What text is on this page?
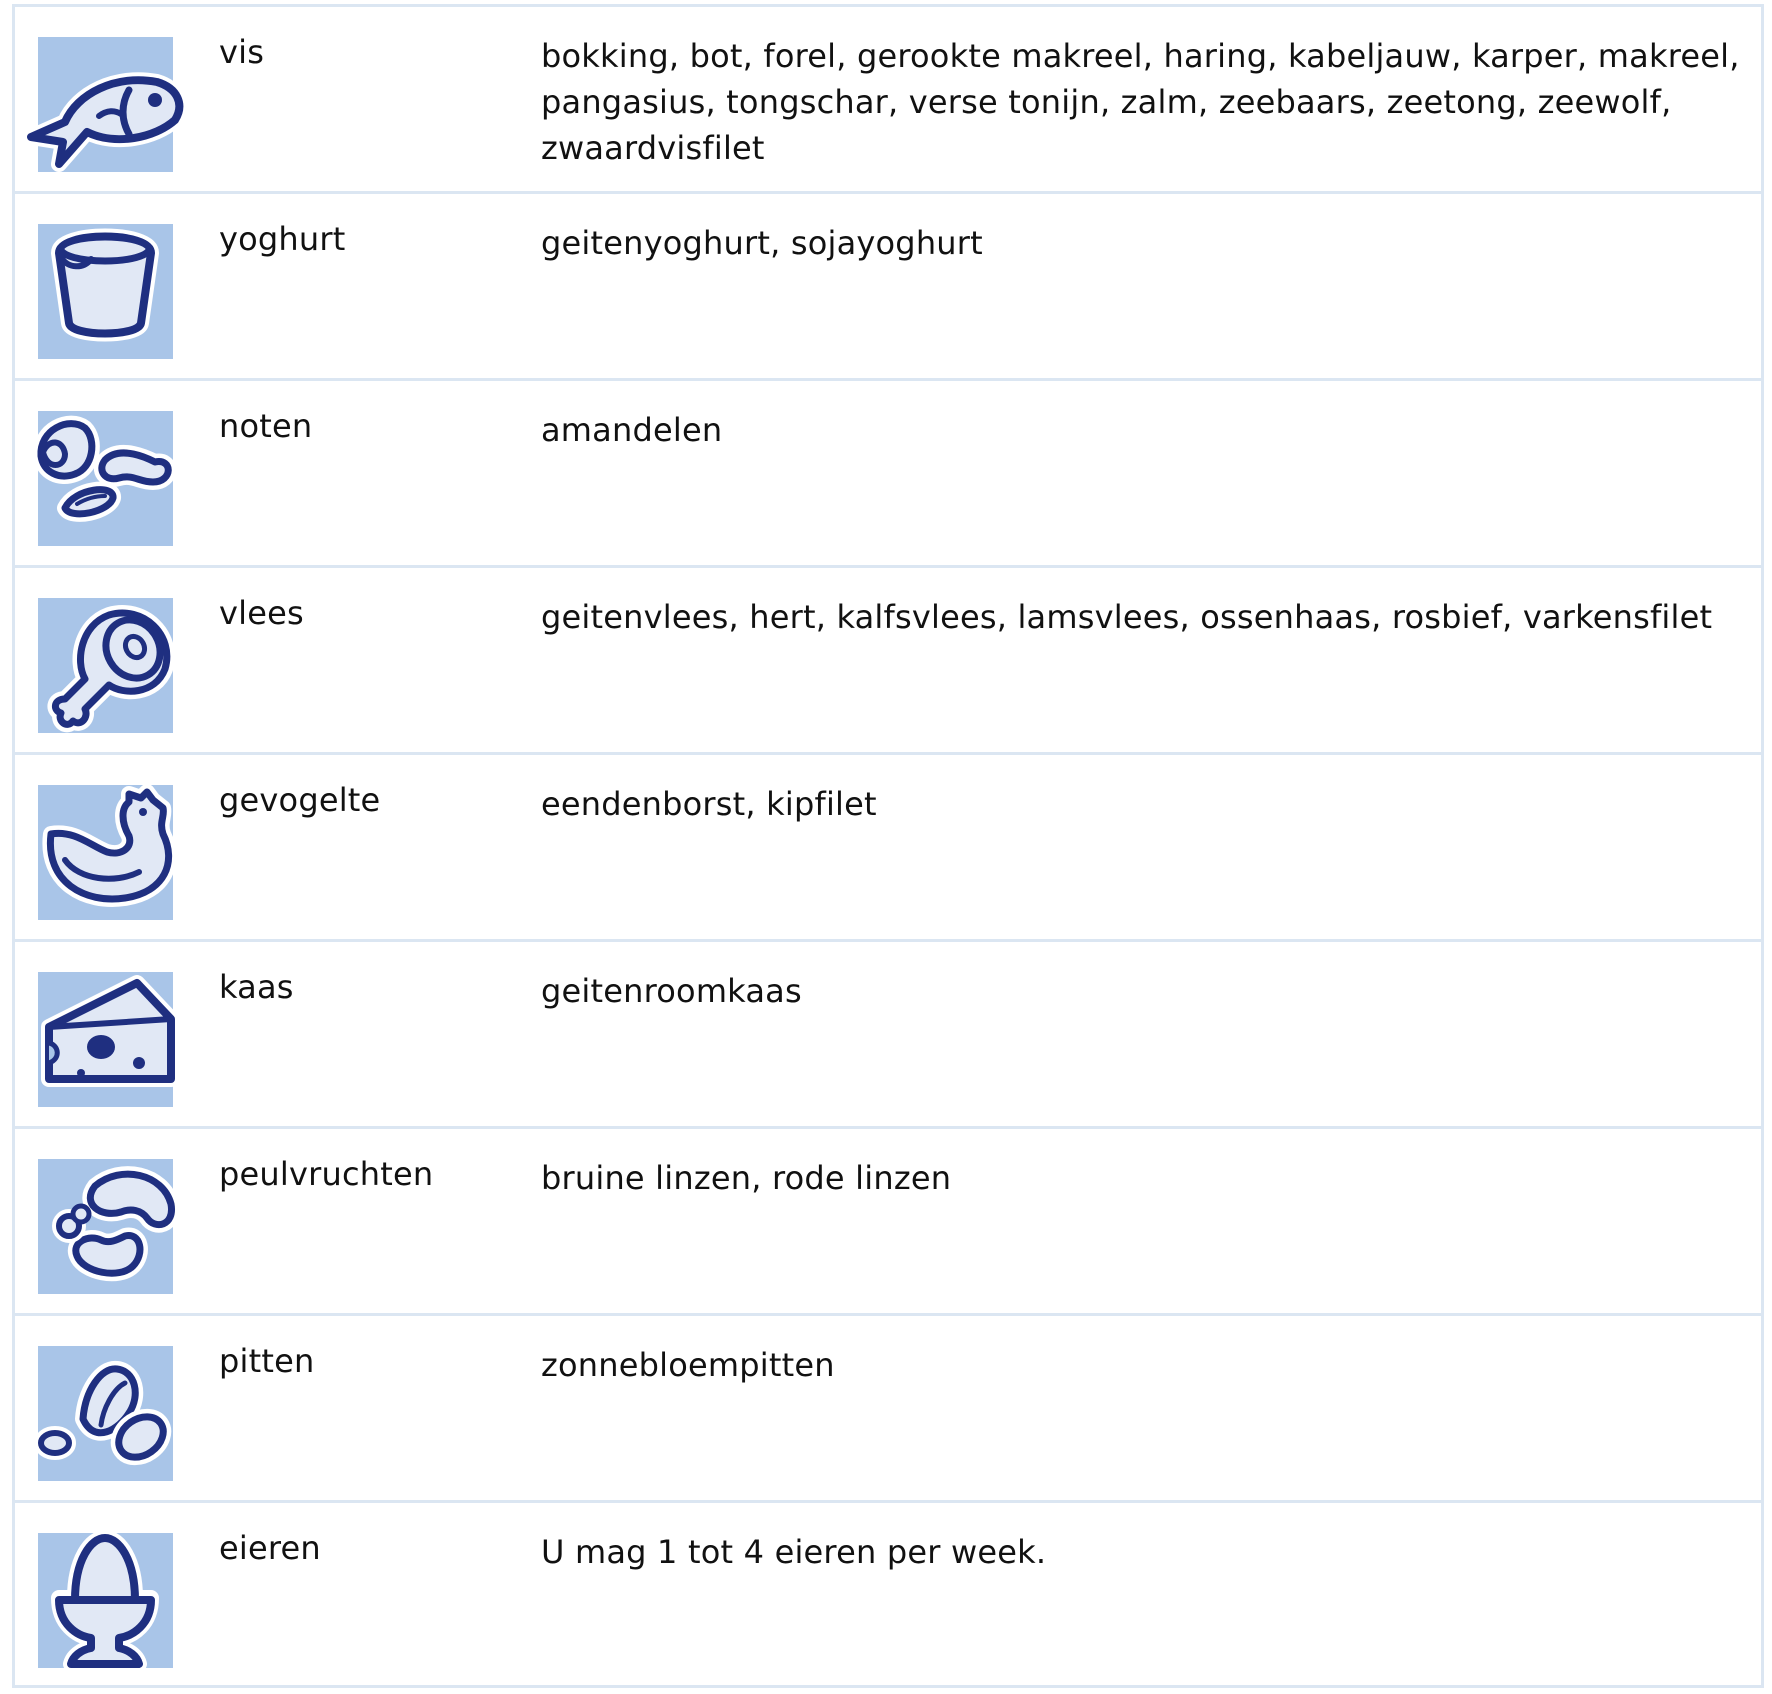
vis	bokking, bot, forel, gerookte makreel, haring, kabeljauw, karper, makreel, pangasius, tongschar, verse tonijn, zalm, zeebaars, zeetong, zeewolf, zwaardvisfilet
yoghurt	geitenyoghurt, sojayoghurt
noten	amandelen
vlees	geitenvlees, hert, kalfsvlees, lamsvlees, ossenhaas, rosbief, varkensfilet
gevogelte	eendenborst, kipfilet
kaas	geitenroomkaas
peulvruchten	bruine linzen, rode linzen
pitten	zonnebloempitten
eieren	U mag 1 tot 4 eieren per week.
